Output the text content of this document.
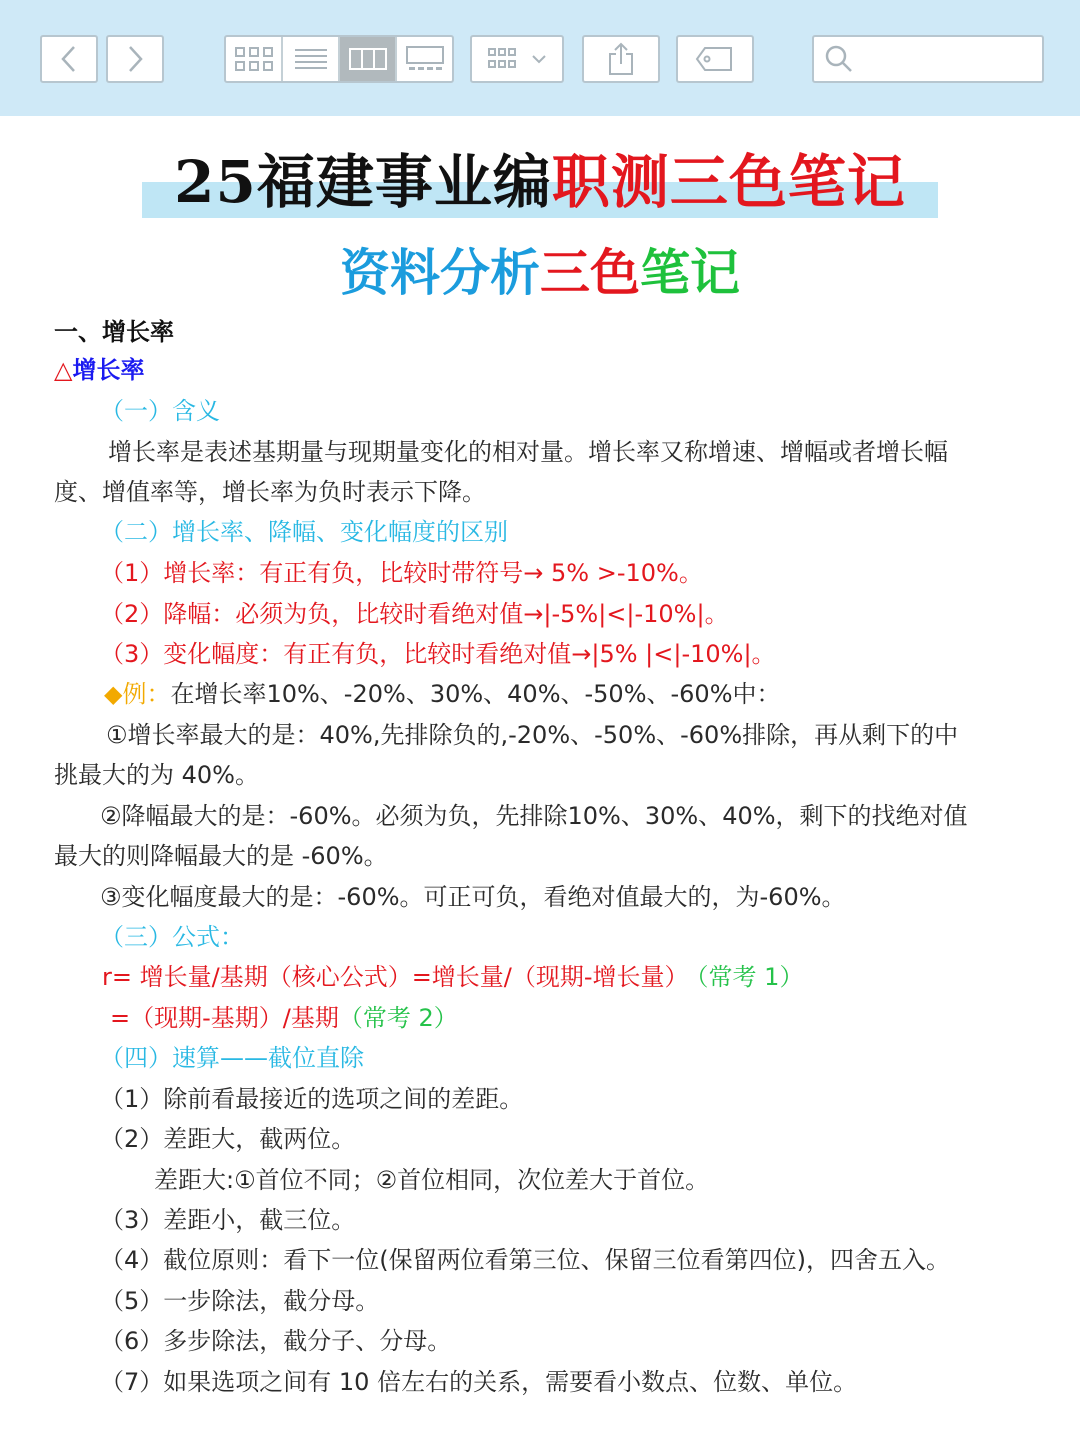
25福建事业编职测三色笔记
资料分析三色笔记
一、增长率
△增长率
（一）含义
增长率是表述基期量与现期量变化的相对量。增长率又称增速、增幅或者增长幅
度、增值率等，增长率为负时表示下降。
（二）增长率、降幅、变化幅度的区别
（1）增长率：有正有负，比较时带符号→ 5% >-10%。
（2）降幅：必须为负，比较时看绝对值→|-5%|<|-10%|。
（3）变化幅度：有正有负，比较时看绝对值→|5% |<|-10%|。
◆例：在增长率10%、-20%、30%、40%、-50%、-60%中：
①增长率最大的是：40%,先排除负的,-20%、-50%、-60%排除，再从剩下的中
挑最大的为 40%。
②降幅最大的是：-60%。必须为负，先排除10%、30%、40%，剩下的找绝对值
最大的则降幅最大的是 -60%。
③变化幅度最大的是：-60%。可正可负，看绝对值最大的，为-60%。
（三）公式：
r= 增长量/基期（核心公式）=增长量/（现期-增长量） （常考 1）
=（现期-基期）/基期（常考 2）
（四）速算——截位直除
（1）除前看最接近的选项之间的差距。
（2）差距大，截两位。
差距大:①首位不同；②首位相同，次位差大于首位。
（3）差距小，截三位。
（4）截位原则：看下一位(保留两位看第三位、保留三位看第四位)，四舍五入。
（5）一步除法，截分母。
（6）多步除法，截分子、分母。
（7）如果选项之间有 10 倍左右的关系，需要看小数点、位数、单位。
